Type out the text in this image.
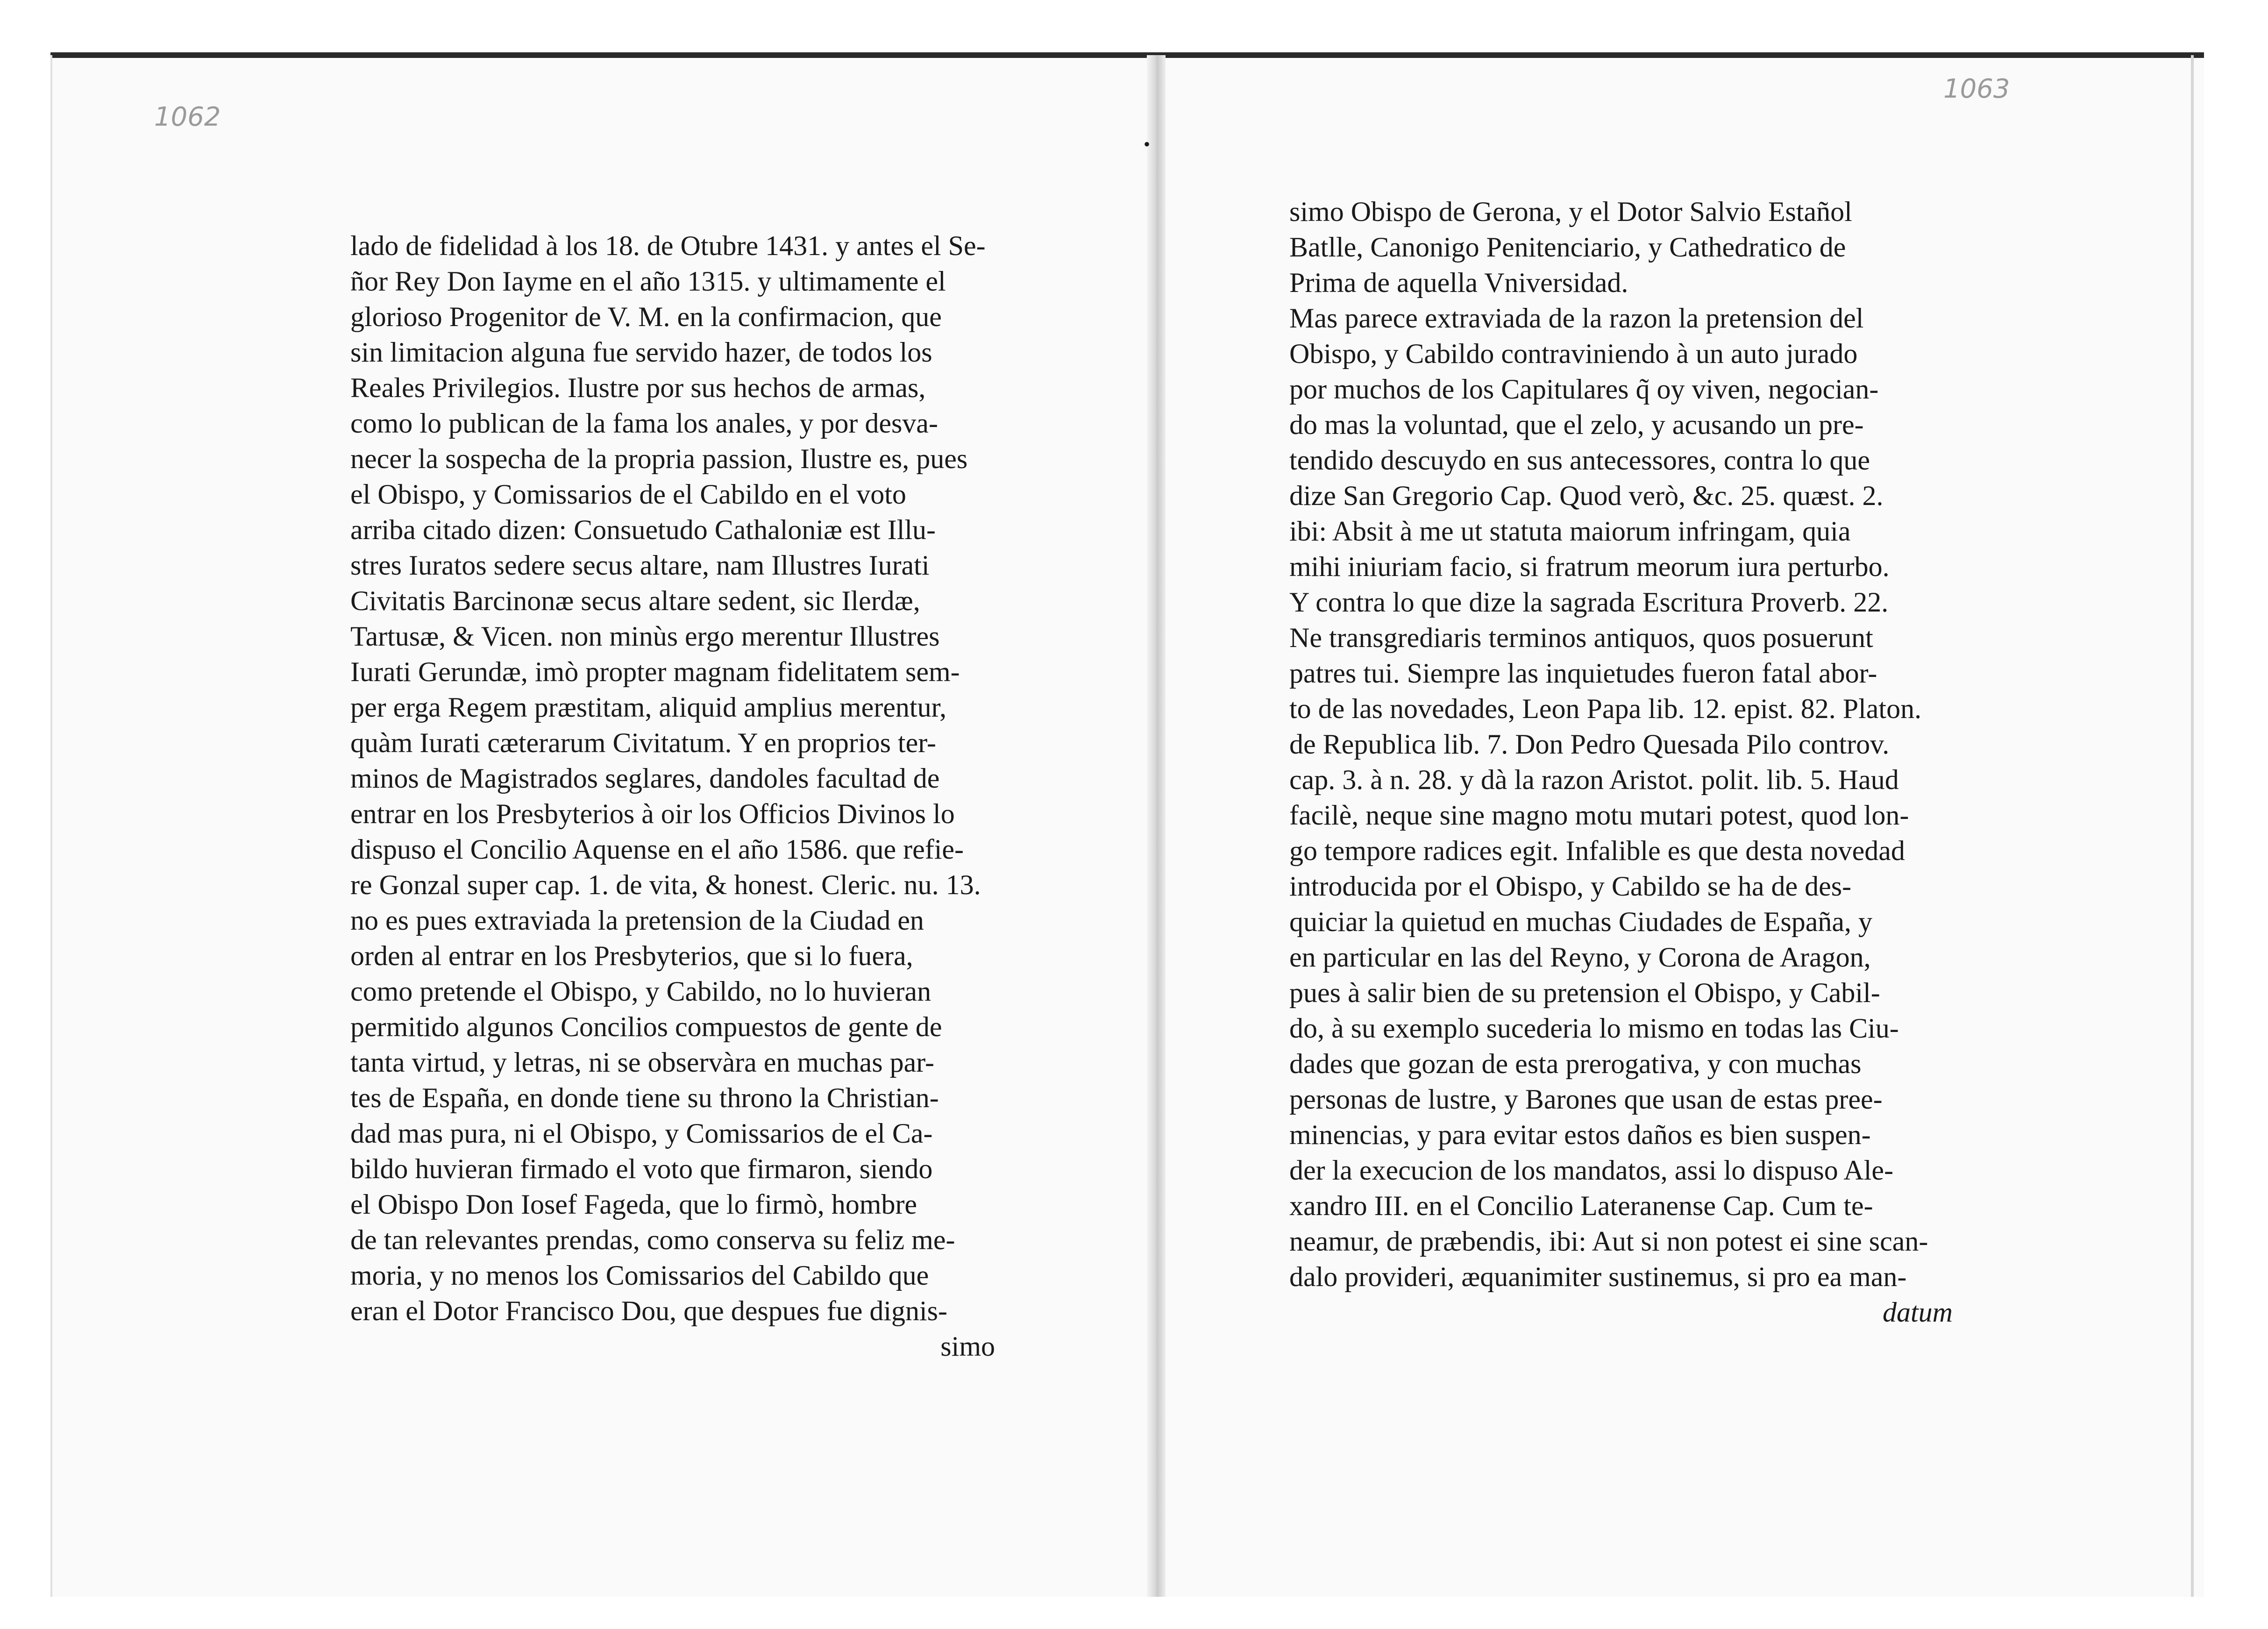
•
1062
1063
lado de fidelidad à los 18. de Otubre 1431. y antes el Se-
ñor Rey Don Iayme en el año 1315. y ultimamente el
glorioso Progenitor de V. M. en la confirmacion, que
sin limitacion alguna fue servido hazer, de todos los
Reales Privilegios. Ilustre por sus hechos de armas,
como lo publican de la fama los anales, y por desva-
necer la sospecha de la propria passion, Ilustre es, pues
el Obispo, y Comissarios de el Cabildo en el voto
arriba citado dizen: Consuetudo Cathaloniæ est Illu-
stres Iuratos sedere secus altare, nam Illustres Iurati
Civitatis Barcinonæ secus altare sedent, sic Ilerdæ,
Tartusæ, & Vicen. non minùs ergo merentur Illustres
Iurati Gerundæ, imò propter magnam fidelitatem sem-
per erga Regem præstitam, aliquid amplius merentur,
quàm Iurati cæterarum Civitatum. Y en proprios ter-
minos de Magistrados seglares, dandoles facultad de
entrar en los Presbyterios à oir los Officios Divinos lo
dispuso el Concilio Aquense en el año 1586. que refie-
re Gonzal super cap. 1. de vita, & honest. Cleric. nu. 13.
no es pues extraviada la pretension de la Ciudad en
orden al entrar en los Presbyterios, que si lo fuera,
como pretende el Obispo, y Cabildo, no lo huvieran
permitido algunos Concilios compuestos de gente de
tanta virtud, y letras, ni se observàra en muchas par-
tes de España, en donde tiene su throno la Christian-
dad mas pura, ni el Obispo, y Comissarios de el Ca-
bildo huvieran firmado el voto que firmaron, siendo
el Obispo Don Iosef Fageda, que lo firmò, hombre
de tan relevantes prendas, como conserva su feliz me-
moria, y no menos los Comissarios del Cabildo que
eran el Dotor Francisco Dou, que despues fue dignis-
simo
simo Obispo de Gerona, y el Dotor Salvio Estañol
Batlle, Canonigo Penitenciario, y Cathedratico de
Prima de aquella Vniversidad.
Mas parece extraviada de la razon la pretension del
Obispo, y Cabildo contraviniendo à un auto jurado
por muchos de los Capitulares q̃ oy viven, negocian-
do mas la voluntad, que el zelo, y acusando un pre-
tendido descuydo en sus antecessores, contra lo que
dize San Gregorio Cap. Quod verò, &c. 25. quæst. 2.
ibi: Absit à me ut statuta maiorum infringam, quia
mihi iniuriam facio, si fratrum meorum iura perturbo.
Y contra lo que dize la sagrada Escritura Proverb. 22.
Ne transgrediaris terminos antiquos, quos posuerunt
patres tui. Siempre las inquietudes fueron fatal abor-
to de las novedades, Leon Papa lib. 12. epist. 82. Platon.
de Republica lib. 7. Don Pedro Quesada Pilo controv.
cap. 3. à n. 28. y dà la razon Aristot. polit. lib. 5. Haud
facilè, neque sine magno motu mutari potest, quod lon-
go tempore radices egit. Infalible es que desta novedad
introducida por el Obispo, y Cabildo se ha de des-
quiciar la quietud en muchas Ciudades de España, y
en particular en las del Reyno, y Corona de Aragon,
pues à salir bien de su pretension el Obispo, y Cabil-
do, à su exemplo sucederia lo mismo en todas las Ciu-
dades que gozan de esta prerogativa, y con muchas
personas de lustre, y Barones que usan de estas pree-
minencias, y para evitar estos daños es bien suspen-
der la execucion de los mandatos, assi lo dispuso Ale-
xandro III. en el Concilio Lateranense Cap. Cum te-
neamur, de præbendis, ibi: Aut si non potest ei sine scan-
dalo provideri, æquanimiter sustinemus, si pro ea man-
datum
